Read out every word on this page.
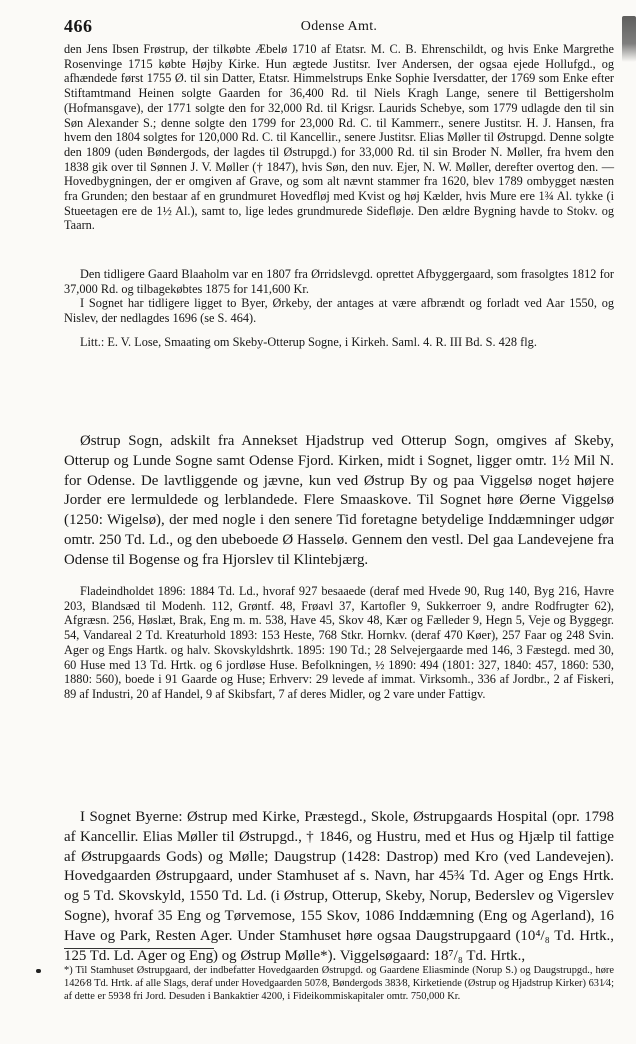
466	Odense Amt.

den Jens Ibsen Frøstrup, der tilkøbte Æbelø 1710 af Etatsr. M. C. B. Ehrenschildt, og hvis Enke Margrethe Rosenvinge 1715 købte Højby Kirke. Hun ægtede Justitsr. Iver Andersen, der ogsaa ejede Hollufgd., og afhændede først 1755 Ø. til sin Datter, Etatsr. Himmelstrups Enke Sophie Iversdatter, der 1769 som Enke efter Stiftamtmand Heinen solgte Gaarden for 36,400 Rd. til Niels Kragh Lange, senere til Bettigersholm (Hofmansgave), der 1771 solgte den for 32,000 Rd. til Krigsr. Laurids Schebye, som 1779 udlagde den til sin Søn Alexander S.; denne solgte den 1799 for 23,000 Rd. C. til Kammerr., senere Justitsr. H. J. Hansen, fra hvem den 1804 solgtes for 120,000 Rd. C. til Kancellir., senere Justitsr. Elias Møller til Østrupgd. Denne solgte den 1809 (uden Bøndergods, der lagdes til Østrupgd.) for 33,000 Rd. til sin Broder N. Møller, fra hvem den 1838 gik over til Sønnen J. V. Møller († 1847), hvis Søn, den nuv. Ejer, N. W. Møller, derefter overtog den. — Hovedbygningen, der er omgiven af Grave, og som alt nævnt stammer fra 1620, blev 1789 ombygget næsten fra Grunden; den bestaar af en grundmuret Hovedfløj med Kvist og høj Kælder, hvis Mure ere 1¾ Al. tykke (i Stueetagen ere de 1½ Al.), samt to, lige ledes grundmurede Sidefløje. Den ældre Bygning havde to Stokv. og Taarn.

Den tidligere Gaard Blaaholm var en 1807 fra Ørridslevgd. oprettet Afbyggergaard, som frasolgtes 1812 for 37,000 Rd. og tilbagekøbtes 1875 for 141,600 Kr.

I Sognet har tidligere ligget to Byer, Ørkeby, der antages at være afbrændt og forladt ved Aar 1550, og Nislev, der nedlagdes 1696 (se S. 464).

Litt.: E. V. Lose, Smaating om Skeby-Otterup Sogne, i Kirkeh. Saml. 4. R. III Bd. S. 428 flg.

Østrup Sogn, adskilt fra Annekset Hjadstrup ved Otterup Sogn, omgives af Skeby, Otterup og Lunde Sogne samt Odense Fjord. Kirken, midt i Sognet, ligger omtr. 1½ Mil N. for Odense. De lavtliggende og jævne, kun ved Østrup By og paa Viggelsø noget højere Jorder ere lermuldede og lerblandede. Flere Smaaskove. Til Sognet høre Øerne Viggelsø (1250: Wigelsø), der med nogle i den senere Tid foretagne betydelige Inddæmninger udgør omtr. 250 Td. Ld., og den ubeboede Ø Hasselø. Gennem den vestl. Del gaa Landevejene fra Odense til Bogense og fra Hjorslev til Klintebjærg.

Fladeindholdet 1896: 1884 Td. Ld., hvoraf 927 besaaede (deraf med Hvede 90, Rug 140, Byg 216, Havre 203, Blandsæd til Modenh. 112, Grøntf. 48, Frøavl 37, Kartofler 9, Sukkerroer 9, andre Rodfrugter 62), Afgræsn. 256, Høslæt, Brak, Eng m. m. 538, Have 45, Skov 48, Kær og Fælleder 9, Hegn 5, Veje og Byggegr. 54, Vandareal 2 Td. Kreaturhold 1893: 153 Heste, 768 Stkr. Hornkv. (deraf 470 Køer), 257 Faar og 248 Svin. Ager og Engs Hartk. og halv. Skovskyldshrtk. 1895: 190 Td.; 28 Selvejergaarde med 146, 3 Fæstegd. med 30, 60 Huse med 13 Td. Hrtk. og 6 jordløse Huse. Befolkningen, ½ 1890: 494 (1801: 327, 1840: 457, 1860: 530, 1880: 560), boede i 91 Gaarde og Huse; Erhverv: 29 levede af immat. Virksomh., 336 af Jordbr., 2 af Fiskeri, 89 af Industri, 20 af Handel, 9 af Skibsfart, 7 af deres Midler, og 2 vare under Fattigv.

I Sognet Byerne: Østrup med Kirke, Præstegd., Skole, Østrupgaards Hospital (opr. 1798 af Kancellir. Elias Møller til Østrupgd., † 1846, og Hustru, med et Hus og Hjælp til fattige af Østrupgaards Gods) og Mølle; Daugstrup (1428: Dastrop) med Kro (ved Landevejen). Hovedgaarden Østrupgaard, under Stamhuset af s. Navn, har 45¾ Td. Ager og Engs Hrtk. og 5 Td. Skovskyld, 1550 Td. Ld. (i Østrup, Otterup, Skeby, Norup, Bederslev og Vigerslev Sogne), hvoraf 35 Eng og Tørvemose, 155 Skov, 1086 Inddæmning (Eng og Agerland), 16 Have og Park, Resten Ager. Under Stamhuset høre ogsaa Daugstrupgaard (10⁴/₈ Td. Hrtk., 125 Td. Ld. Ager og Eng) og Østrup Mølle*). Viggelsøgaard: 18⁷/₈ Td. Hrtk.,

*) Til Stamhuset Østrupgaard, der indbefatter Hovedgaarden Østrupgd. og Gaardene Eliasminde (Norup S.) og Daugstrupgd., høre 1426⁄8 Td. Hrtk. af alle Slags, deraf under Hovedgaarden 507⁄8, Bøndergods 383⁄8, Kirketiende (Østrup og Hjadstrup Kirker) 631⁄4; af dette er 593⁄8 fri Jord. Desuden i Bankaktier 4200, i Fideikommiskapitaler omtr. 750,000 Kr.
